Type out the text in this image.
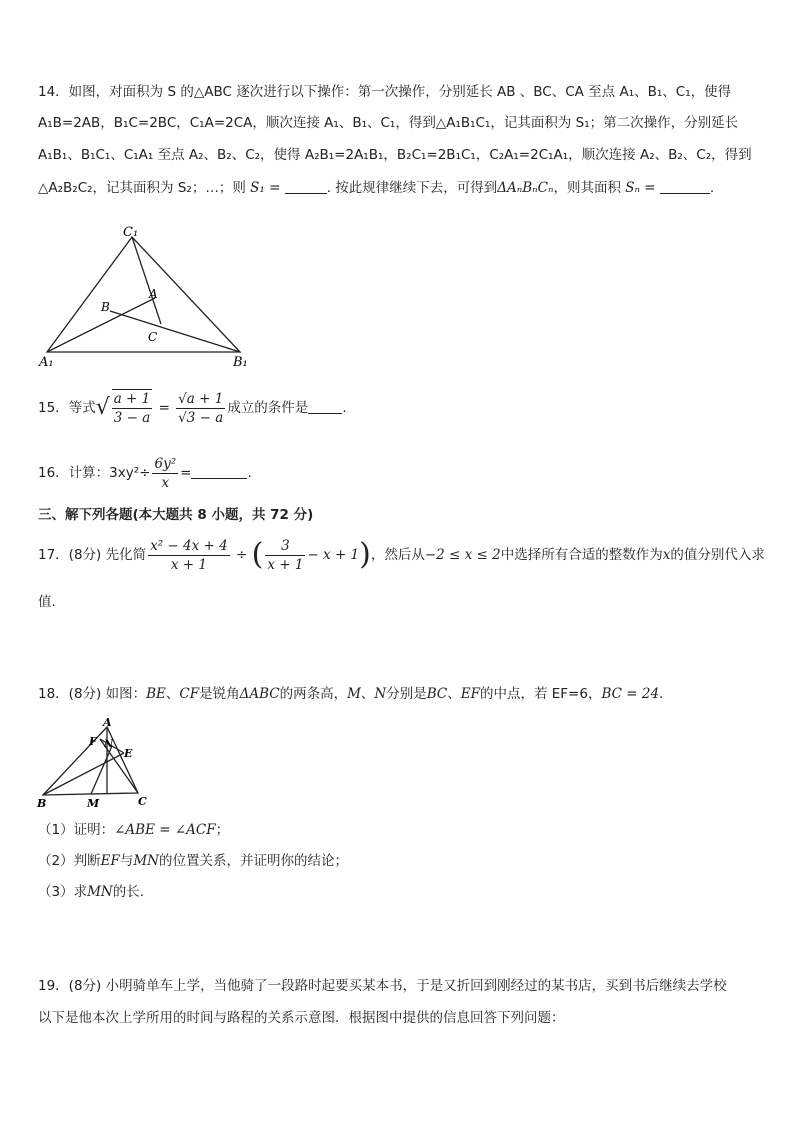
14．如图，对面积为 S 的△ABC 逐次进行以下操作：第一次操作，分别延长 AB 、BC、CA 至点 A₁、B₁、C₁，使得
A₁B=2AB，B₁C=2BC，C₁A=2CA，顺次连接 A₁、B₁、C₁，得到△A₁B₁C₁，记其面积为 S₁；第二次操作，分别延长
A₁B₁、B₁C₁、C₁A₁ 至点 A₂、B₂、C₂，使得 A₂B₁=2A₁B₁，B₂C₁=2B₁C₁，C₂A₁=2C₁A₁，顺次连接 A₂、B₂、C₂，得到
△A₂B₂C₂，记其面积为 S₂；…；则 S₁ =	. 按此规律继续下去，可得到ΔAₙBₙCₙ，则其面积 Sₙ =	.
C₁
A₁	B₁
A
B
C
15．等式√ $\frac{a + 1}{3 - a} = \frac{√a + 1}{√3 - a}$ 成立的条件是	.
16．计算：$3xy^2\div \frac{\text{6y²}}{x}$ =	.
三、解下列各题(本大题共 8 小题，共 72 分)
17．(8分) 先化简 $\frac{\text{x² − 4x + 4}}{x + 1}$ ÷ ( $\frac{3}{x + 1} - x + 1$)，然后从−2 ≤ x ≤ 2中选择所有合适的整数作为x的值分别代入求
值.
18．(8分) 如图：BE、CF是锐角ΔABC的两条高，M、N分别是BC、EF的中点，若 EF=6，BC = 24.
A
F N
E
B	M	C
（1）证明：∠ABE = ∠ACF；
（2）判断EF与MN的位置关系，并证明你的结论；
（3）求MN的长.
19．(8分) 小明骑单车上学，当他骑了一段路时起要买某本书，于是又折回到刚经过的某书店，买到书后继续去学校
以下是他本次上学所用的时间与路程的关系示意图．根据图中提供的信息回答下列问题：
